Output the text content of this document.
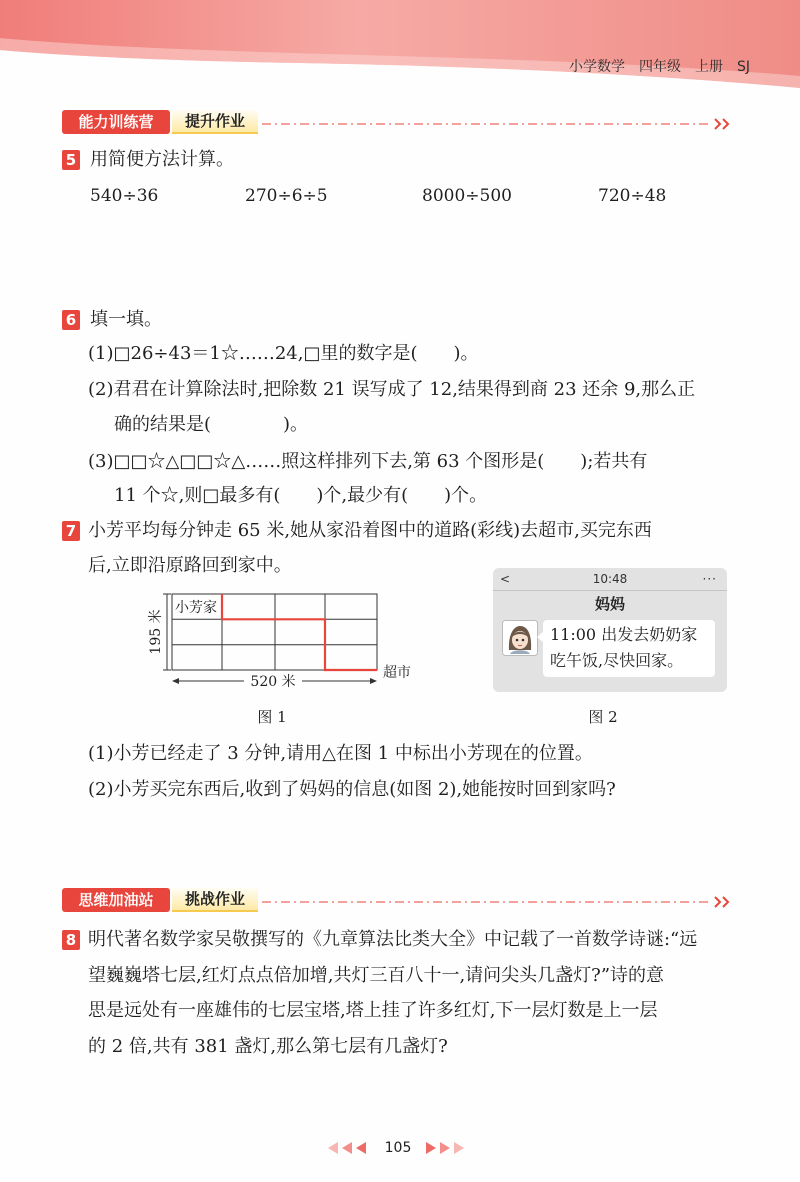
小学数学　四年级　上册　SJ
能力训练营	提升作业
5 用简便方法计算。
540÷36	270÷6÷5	8000÷500	720÷48
6 填一填。
(1)□26÷43＝1☆……24,□里的数字是(　　)。
(2)君君在计算除法时,把除数 21 误写成了 12,结果得到商 23 还余 9,那么正
确的结果是(　　　　)。
(3)□□☆△□□☆△……照这样排列下去,第 63 个图形是(　　);若共有
11 个☆,则□最多有(　　)个,最少有(　　)个。
7 小芳平均每分钟走 65 米,她从家沿着图中的道路(彩线)去超市,买完东西
后,立即沿原路回到家中。
小芳家
195 米
520 米
超市
<	10:48	···
妈妈
11:00 出发去奶奶家
吃午饭,尽快回家。
图 1	图 2
(1)小芳已经走了 3 分钟,请用△在图 1 中标出小芳现在的位置。
(2)小芳买完东西后,收到了妈妈的信息(如图 2),她能按时回到家吗?
思维加油站	挑战作业
8 明代著名数学家吴敬撰写的《九章算法比类大全》中记载了一首数学诗谜:“远
望巍巍塔七层,红灯点点倍加增,共灯三百八十一,请问尖头几盏灯?”诗的意
思是远处有一座雄伟的七层宝塔,塔上挂了许多红灯,下一层灯数是上一层
的 2 倍,共有 381 盏灯,那么第七层有几盏灯?
105
